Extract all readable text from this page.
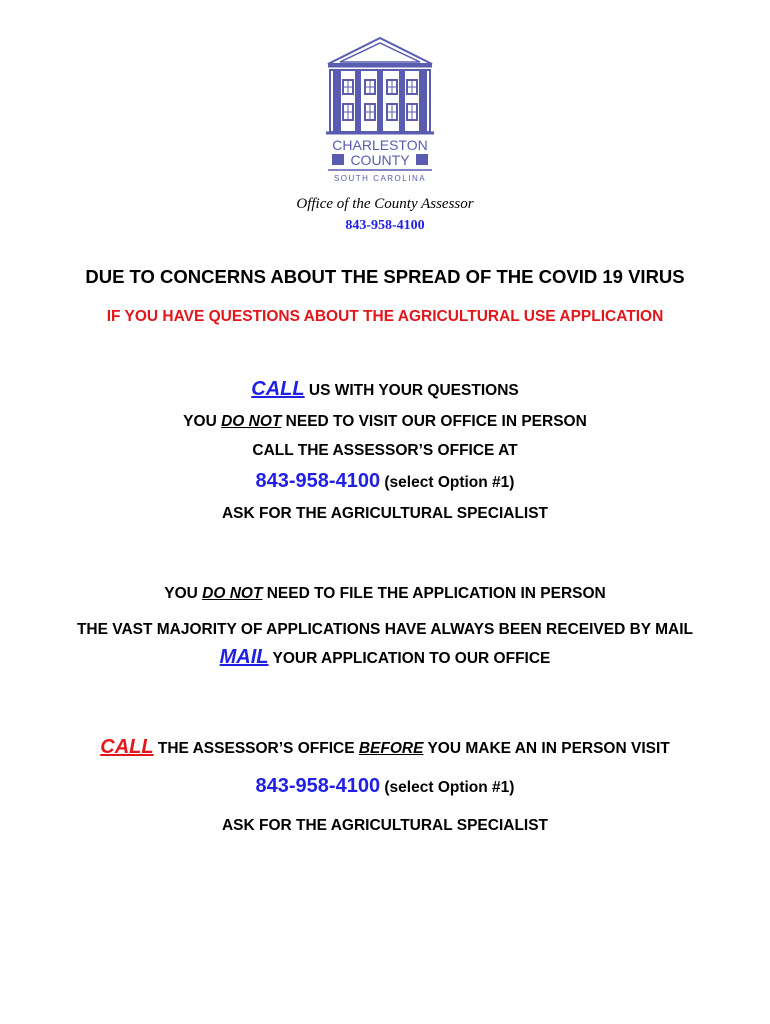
CHARLESTON
COUNTY
SOUTH CAROLINA
Office of the County Assessor
843-958-4100
DUE TO CONCERNS ABOUT THE SPREAD OF THE COVID 19 VIRUS
IF YOU HAVE QUESTIONS ABOUT THE AGRICULTURAL USE APPLICATION
CALL US WITH YOUR QUESTIONS
YOU DO NOT NEED TO VISIT OUR OFFICE IN PERSON
CALL THE ASSESSOR’S OFFICE AT
843-958-4100 (select Option #1)
ASK FOR THE AGRICULTURAL SPECIALIST
YOU DO NOT NEED TO FILE THE APPLICATION IN PERSON
THE VAST MAJORITY OF APPLICATIONS HAVE ALWAYS BEEN RECEIVED BY MAIL
MAIL YOUR APPLICATION TO OUR OFFICE
CALL THE ASSESSOR’S OFFICE BEFORE YOU MAKE AN IN PERSON VISIT
843-958-4100 (select Option #1)
ASK FOR THE AGRICULTURAL SPECIALIST
